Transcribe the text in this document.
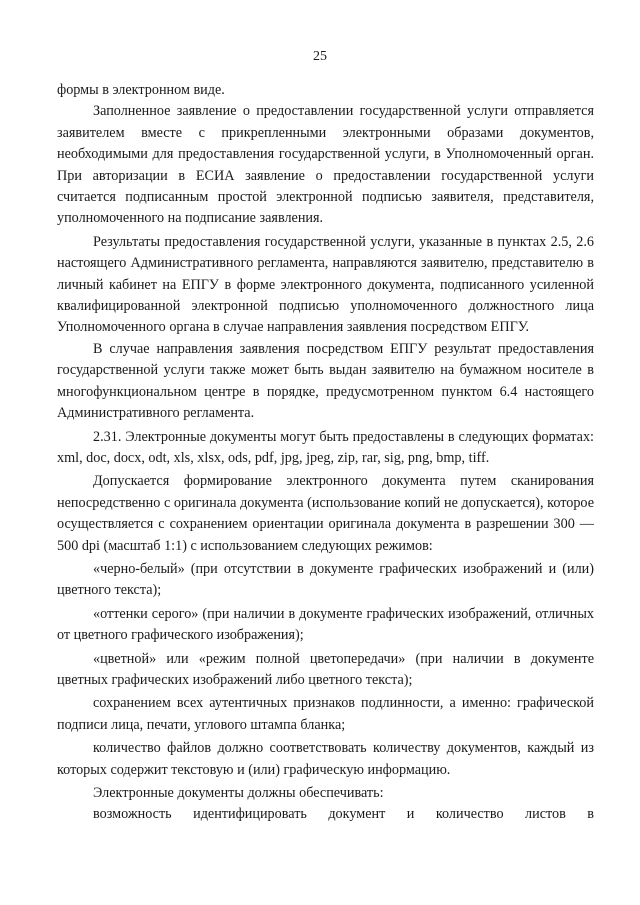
25

формы в электронном виде.

Заполненное заявление о предоставлении государственной услуги отправляется заявителем вместе с прикрепленными электронными образами документов, необходимыми для предоставления государственной услуги, в Уполномоченный орган. При авторизации в ЕСИА заявление о предоставлении государственной услуги считается подписанным простой электронной подписью заявителя, представителя, уполномоченного на подписание заявления.

Результаты предоставления государственной услуги, указанные в пунктах 2.5, 2.6 настоящего Административного регламента, направляются заявителю, представителю в личный кабинет на ЕПГУ в форме электронного документа, подписанного усиленной квалифицированной электронной подписью уполномоченного должностного лица Уполномоченного органа в случае направления заявления посредством ЕПГУ.

В случае направления заявления посредством ЕПГУ результат предоставления государственной услуги также может быть выдан заявителю на бумажном носителе в многофункциональном центре в порядке, предусмотренном пунктом 6.4 настоящего Административного регламента.

2.31. Электронные документы могут быть предоставлены в следующих форматах: xml, doc, docx, odt, xls, xlsx, ods, pdf, jpg, jpeg, zip, rar, sig, png, bmp, tiff.

Допускается формирование электронного документа путем сканирования непосредственно с оригинала документа (использование копий не допускается), которое осуществляется с сохранением ориентации оригинала документа в разрешении 300 — 500 dpi (масштаб 1:1) с использованием следующих режимов:

«черно-белый» (при отсутствии в документе графических изображений и (или) цветного текста);

«оттенки серого» (при наличии в документе графических изображений, отличных от цветного графического изображения);

«цветной» или «режим полной цветопередачи» (при наличии в документе цветных графических изображений либо цветного текста);

сохранением всех аутентичных признаков подлинности, а именно: графической подписи лица, печати, углового штампа бланка;

количество файлов должно соответствовать количеству документов, каждый из которых содержит текстовую и (или) графическую информацию.

Электронные документы должны обеспечивать:

возможность идентифицировать документ и количество листов в
